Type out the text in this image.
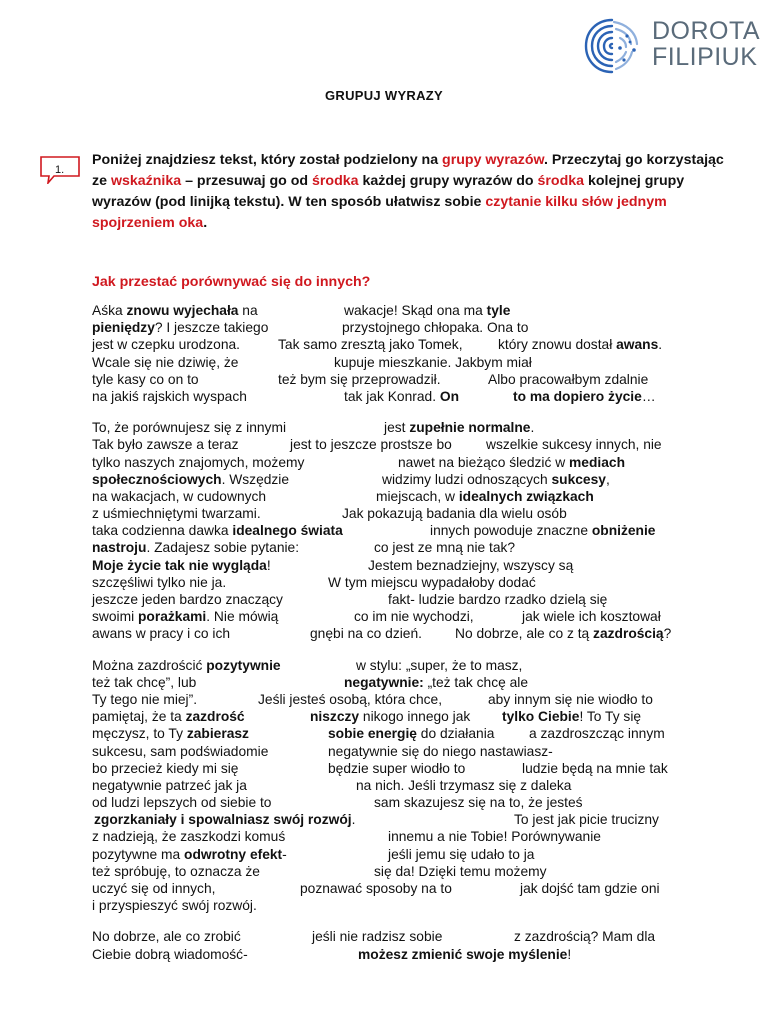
DOROTA
FILIPIUK
GRUPUJ WYRAZY
1.
Poniżej znajdziesz tekst, który został podzielony na grupy wyrazów. Przeczytaj go korzystając ze wskaźnika – przesuwaj go od środka każdej grupy wyrazów do środka kolejnej grupy wyrazów (pod linijką tekstu). W ten sposób ułatwisz sobie czytanie kilku słów jednym spojrzeniem oka.
Jak przestać porównywać się do innych?
Aśka znowu wyjechała na	wakacje! Skąd ona ma tyle
pieniędzy? I jeszcze takiego	przystojnego chłopaka. Ona to
jest w czepku urodzona.	Tak samo zresztą jako Tomek,	który znowu dostał awans.
Wcale się nie dziwię, że	kupuje mieszkanie. Jakbym miał
tyle kasy co on to	też bym się przeprowadził.	Albo pracowałbym zdalnie
na jakiś rajskich wyspach	tak jak Konrad. On	to ma dopiero życie…
To, że porównujesz się z innymi	jest zupełnie normalne.
Tak było zawsze a teraz	jest to jeszcze prostsze bo wszelkie sukcesy innych, nie
tylko naszych znajomych, możemy	nawet na bieżąco śledzić w mediach
społecznościowych. Wszędzie	widzimy ludzi odnoszących sukcesy,
na wakacjach, w cudownych	miejscach, w idealnych związkach
z uśmiechniętymi twarzami.	Jak pokazują badania dla wielu osób
taka codzienna dawka idealnego świata	innych powoduje znaczne obniżenie
nastroju. Zadajesz sobie pytanie:	co jest ze mną nie tak?
Moje życie tak nie wygląda!	Jestem beznadziejny, wszyscy są
szczęśliwi tylko nie ja.	W tym miejscu wypadałoby dodać
jeszcze jeden bardzo znaczący	fakt- ludzie bardzo rzadko dzielą się
swoimi porażkami. Nie mówią	co im nie wychodzi,	jak wiele ich kosztował
awans w pracy i co ich	gnębi na co dzień. No dobrze, ale co z tą zazdrością?
Można zazdrościć pozytywnie	w stylu: „super, że to masz,
też tak chcę”, lub	negatywnie: „też tak chcę ale
Ty tego nie miej”.	Jeśli jesteś osobą, która chce,	aby innym się nie wiodło to
pamiętaj, że ta zazdrość	niszczy nikogo innego jak tylko Ciebie! To Ty się
męczysz, to Ty zabierasz	sobie energię do działania	a zazdroszcząc innym
sukcesu, sam podświadomie	negatywnie się do niego nastawiasz-
bo przecież kiedy mi się	będzie super wiodło to	ludzie będą na mnie tak
negatywnie patrzeć jak ja	na nich. Jeśli trzymasz się z daleka
od ludzi lepszych od siebie to	sam skazujesz się na to, że jesteś
zgorzkaniały i spowalniasz swój rozwój.	To jest jak picie trucizny
z nadzieją, że zaszkodzi komuś	innemu a nie Tobie! Porównywanie
pozytywne ma odwrotny efekt-	jeśli jemu się udało to ja
też spróbuję, to oznacza że	się da! Dzięki temu możemy
uczyć się od innych,	poznawać sposoby na to	jak dojść tam gdzie oni
i przyspieszyć swój rozwój.
No dobrze, ale co zrobić	jeśli nie radzisz sobie	z zazdrością? Mam dla
Ciebie dobrą wiadomość-	możesz zmienić swoje myślenie!
